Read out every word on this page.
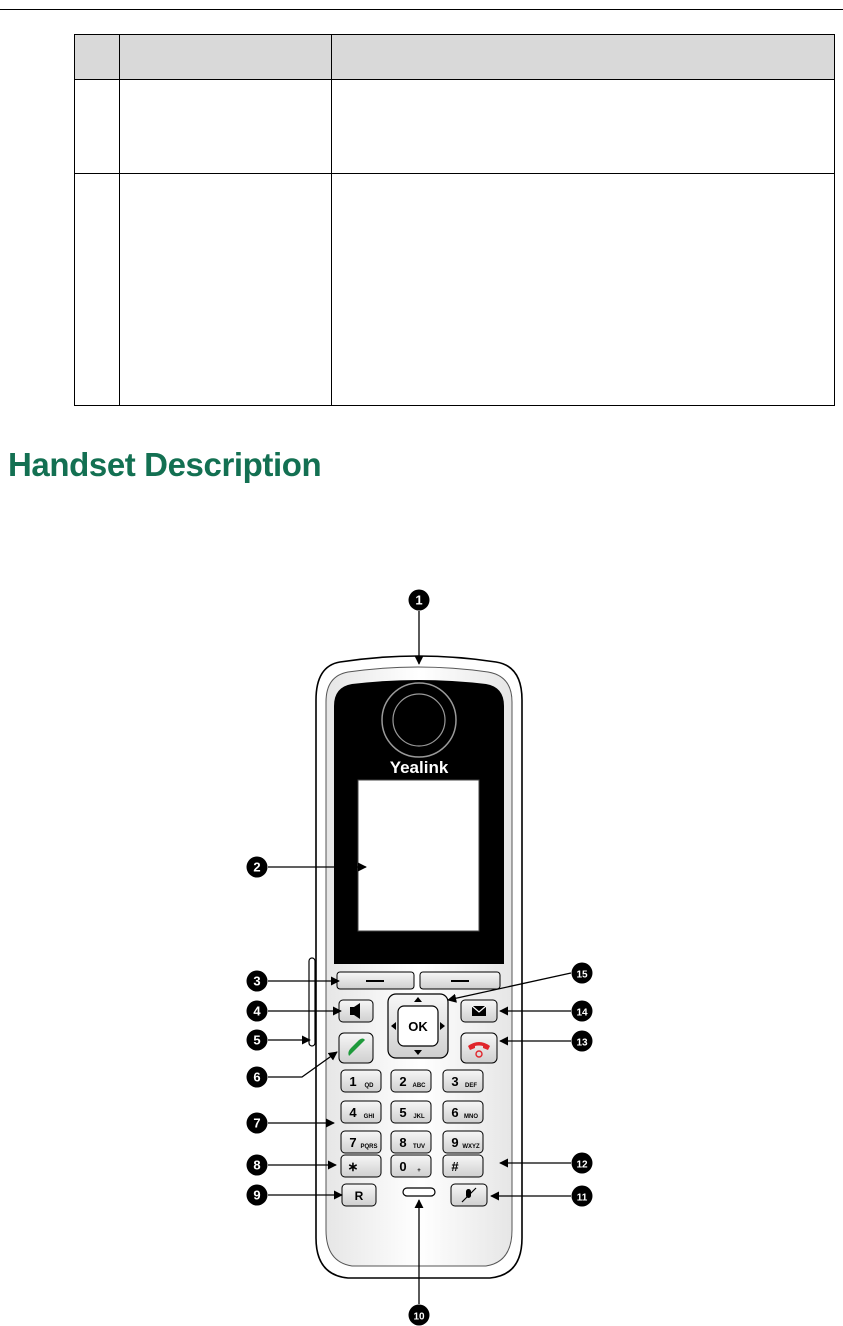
Handset Description
Yealink
OK
1 QD 2 ABC 3 DEF
4 GHI 5 JKL 6 MNO
7 PQRS 8 TUV 9 WXYZ
∗	0 + #
R
1
2
3
4
5
6
7
8
9
10
11
12
13
14
15
